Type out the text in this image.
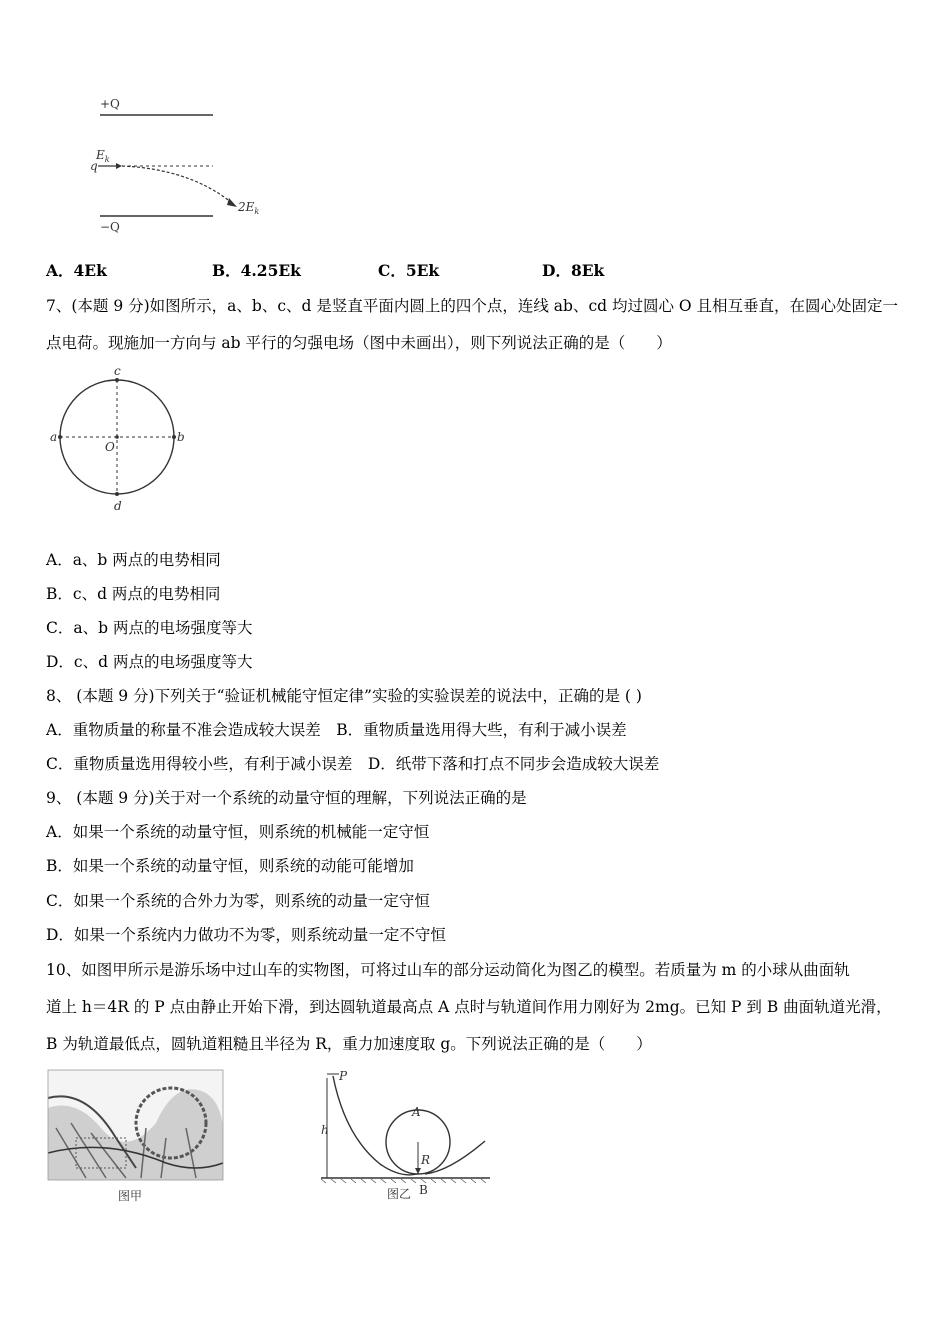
+Q
$E_k$
q
$2E_k$
−Q
A．4Ek	B．4.25Ek	C．5Ek	D．8Ek
7、(本题 9 分)如图所示，a、b、c、d 是竖直平面内圆上的四个点，连线 ab、cd 均过圆心 O 且相互垂直，在圆心处固定一
点电荷。现施加一方向与 ab 平行的匀强电场（图中未画出），则下列说法正确的是（　　）
a	b
c
d
O
A．a、b 两点的电势相同
B．c、d 两点的电势相同
C．a、b 两点的电场强度等大
D．c、d 两点的电场强度等大
8、 (本题 9 分)下列关于“验证机械能守恒定律”实验的实验误差的说法中，正确的是 ( )
A．重物质量的称量不准会造成较大误差　B．重物质量选用得大些，有利于减小误差
C．重物质量选用得较小些，有利于减小误差　D．纸带下落和打点不同步会造成较大误差
9、 (本题 9 分)关于对一个系统的动量守恒的理解，下列说法正确的是
A．如果一个系统的动量守恒，则系统的机械能一定守恒
B．如果一个系统的动量守恒，则系统的动能可能增加
C．如果一个系统的合外力为零，则系统的动量一定守恒
D．如果一个系统内力做功不为零，则系统动量一定不守恒
10、如图甲所示是游乐场中过山车的实物图，可将过山车的部分运动简化为图乙的模型。若质量为 m 的小球从曲面轨
道上 h＝4R 的 P 点由静止开始下滑，到达圆轨道最高点 A 点时与轨道间作用力刚好为 2mg。已知 P 到 B 曲面轨道光滑，
B 为轨道最低点，圆轨道粗糙且半径为 R，重力加速度取 g。下列说法正确的是（　　）
图甲
P
h
A
R
图乙 B
